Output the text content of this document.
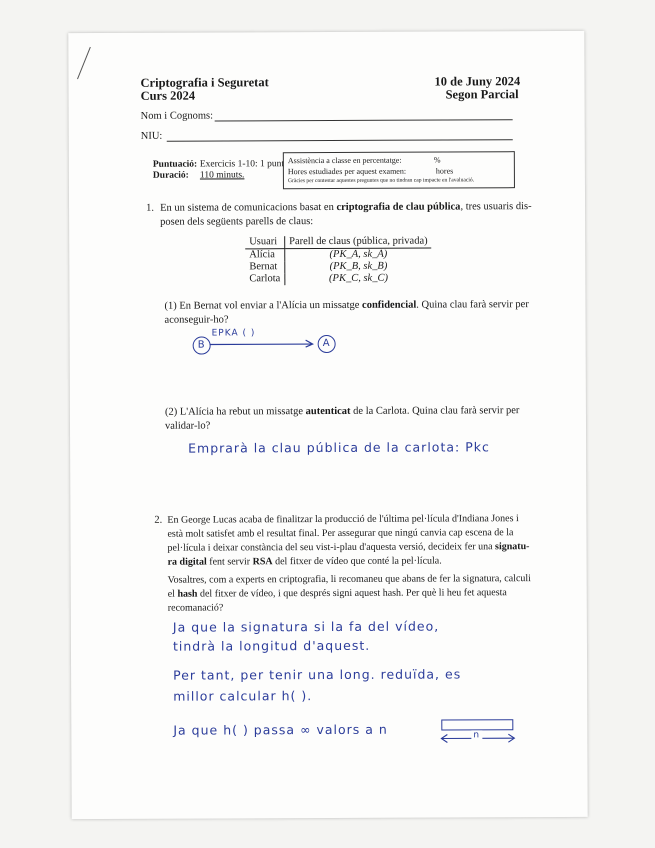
Criptografia i Seguretat
Curs 2024
10 de Juny 2024
Segon Parcial
Nom i Cognoms:
NIU:
Puntuació: Exercicis 1-10: 1 punt
Duració: 110 minuts.
Assistència a classe en percentatge:	%
Hores estudiades per aquest examen:	hores
Gràcies per contestar aquestes preguntes que no tindran cap impacte en l'avaluació.
1. En un sistema de comunicacions basat en criptografia de clau pública, tres usuaris dis-
posen dels següents parells de claus:
Usuari	Parell de claus (pública, privada)
Alícia	(PK_A, sk_A)
Bernat	(PK_B, sk_B)
Carlota	(PK_C, sk_C)
(1) En Bernat vol enviar a l'Alícia un missatge confidencial. Quina clau farà servir per
aconseguir-ho?
B
EPKA ( )
A
(2) L'Alícia ha rebut un missatge autenticat de la Carlota. Quina clau farà servir per
validar-lo?
Emprarà la clau pública de la carlota: Pkc
2. En George Lucas acaba de finalitzar la producció de l'última pel·lícula d'Indiana Jones i
està molt satisfet amb el resultat final. Per assegurar que ningú canvia cap escena de la
pel·lícula i deixar constància del seu vist-i-plau d'aquesta versió, decideix fer una signatu-
ra digital fent servir RSA del fitxer de vídeo que conté la pel·lícula.
Vosaltres, com a experts en criptografia, li recomaneu que abans de fer la signatura, calculi
el hash del fitxer de vídeo, i que després signi aquest hash. Per què li heu fet aquesta
recomanació?
Ja que la signatura si la fa del vídeo,
tindrà la longitud d'aquest.
Per tant, per tenir una long. reduïda, es
millor calcular h( ).
Ja que h( ) passa ∞ valors a n	n
